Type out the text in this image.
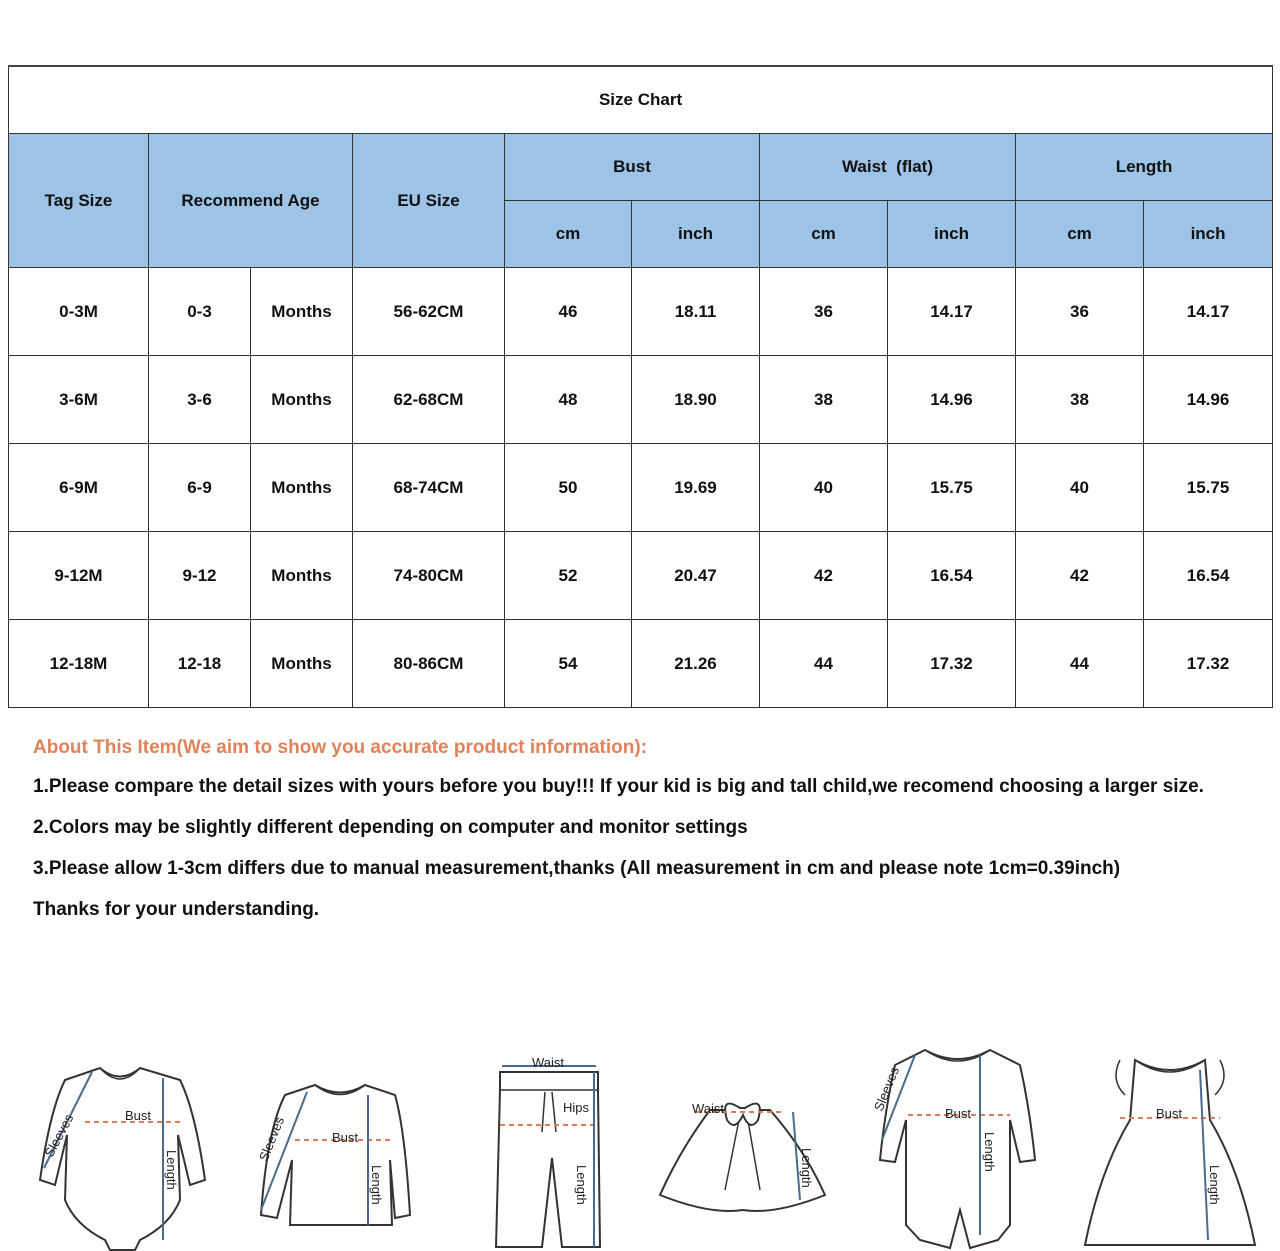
Size Chart									
Tag Size	Recommend Age		EU Size	Bust		Waist  (flat)		Length	
				cm	inch	cm	inch	cm	inch
0-3M	0-3	Months	56-62CM	46	18.11	36	14.17	36	14.17
3-6M	3-6	Months	62-68CM	48	18.90	38	14.96	38	14.96
6-9M	6-9	Months	68-74CM	50	19.69	40	15.75	40	15.75
9-12M	9-12	Months	74-80CM	52	20.47	42	16.54	42	16.54
12-18M	12-18	Months	80-86CM	54	21.26	44	17.32	44	17.32

About This Item(We aim to show you accurate product information):

1.Please compare the detail sizes with yours before you buy!!! If your kid is big and tall child,we recomend choosing a larger size.

2.Colors may be slightly different depending on computer and monitor settings

3.Please allow 1-3cm differs due to manual measurement,thanks (All measurement in cm and please note 1cm=0.39inch)

Thanks for your understanding.

Bust
Length
Sleeves	Bust
Length
Sleeves
Waist
Hips
Length
Waist
Length
Bust
Length
Sleeves
Bust
Length
